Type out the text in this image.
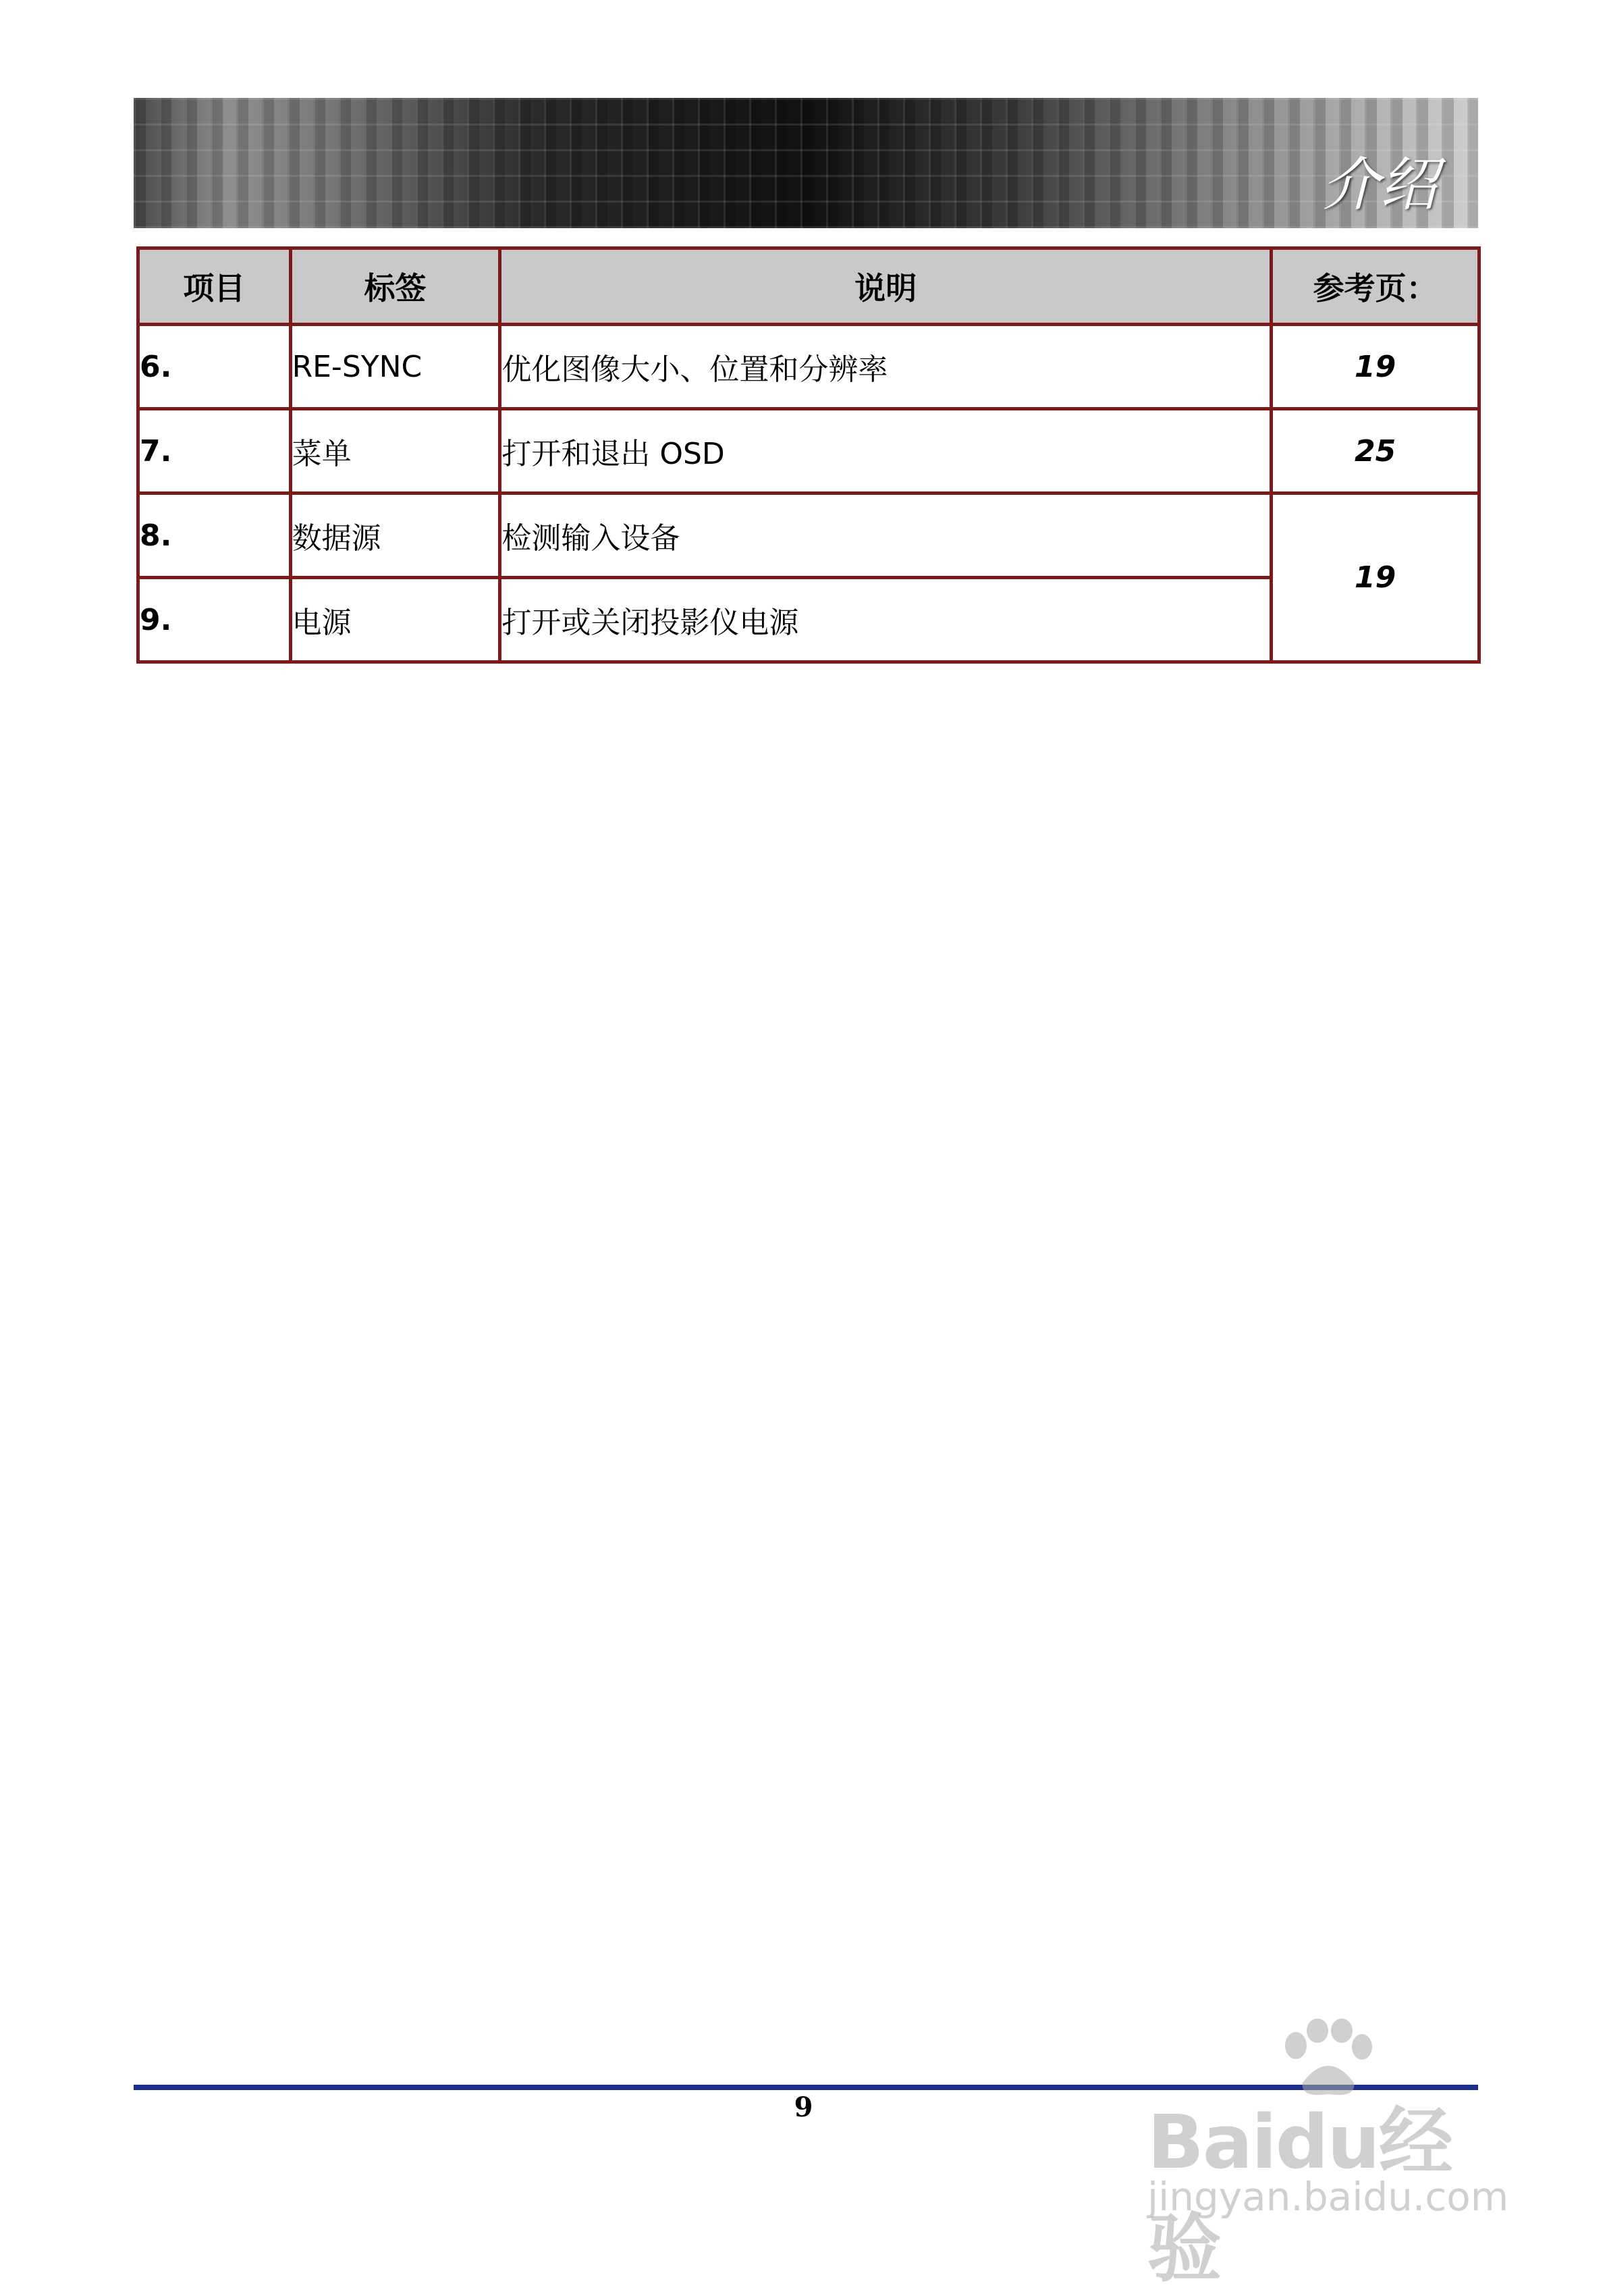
介绍
项目	标签	说明	参考页：
6.	RE-SYNC	优化图像大小、位置和分辨率	19
7.	菜单	打开和退出 OSD	25
8.	数据源	检测输入设备	19
9.	电源	打开或关闭投影仪电源	
9	Baidu经验
jingyan.baidu.com
